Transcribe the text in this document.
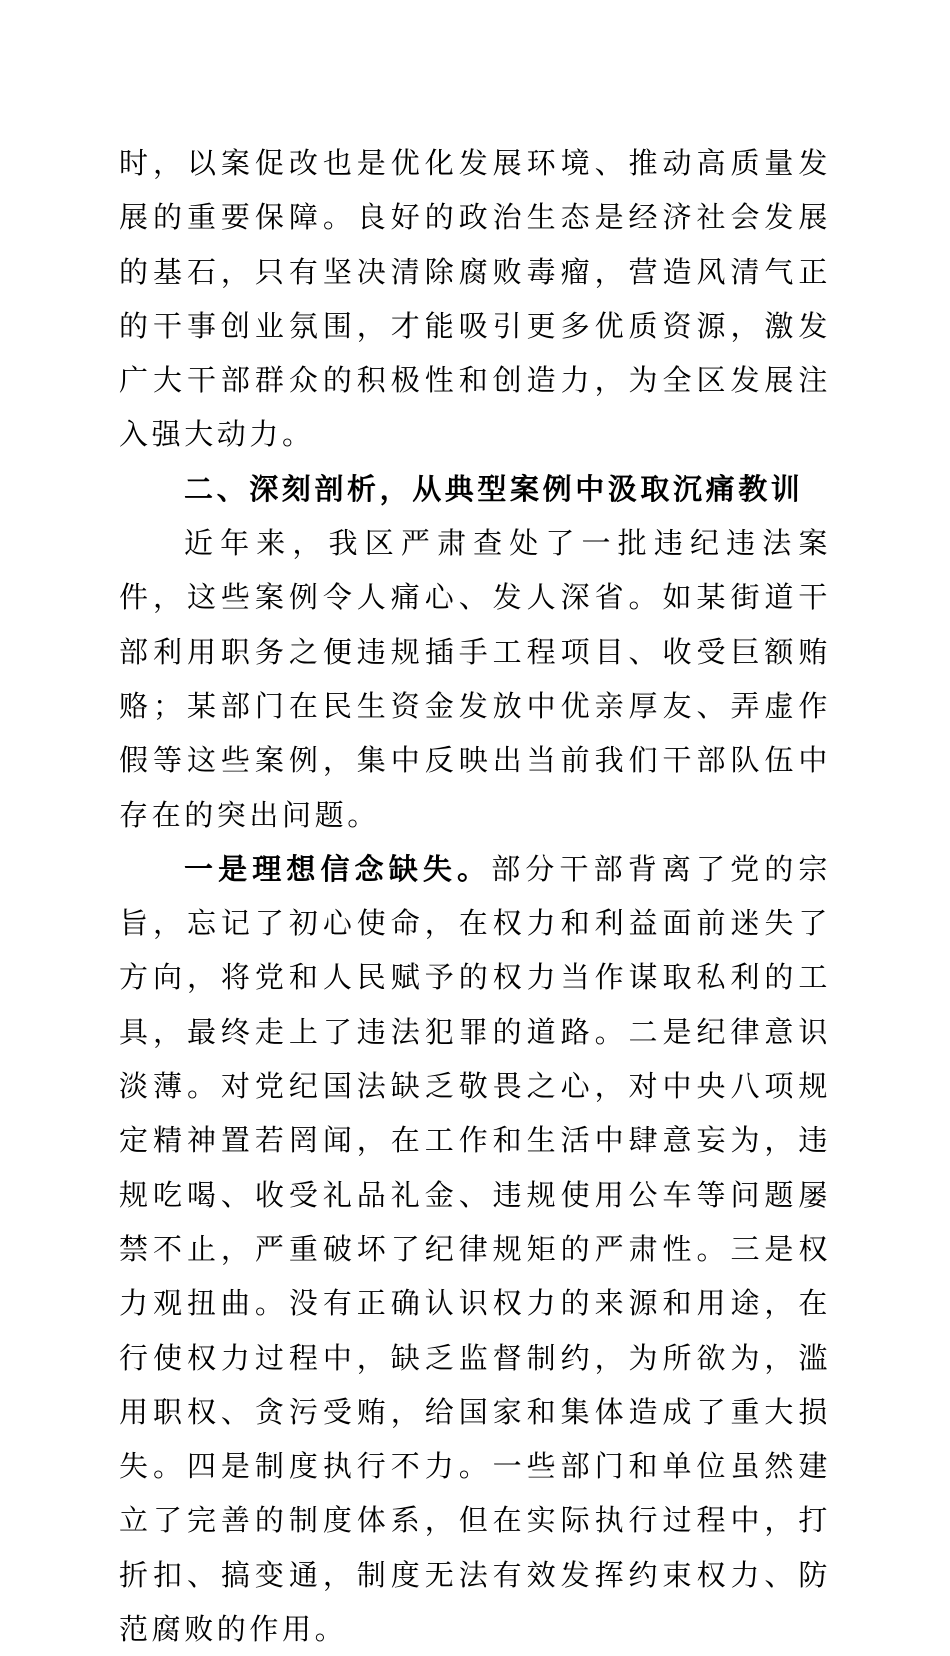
时，以案促改也是优化发展环境、推动高质量发展的重要保障。良好的政治生态是经济社会发展的基石，只有坚决清除腐败毒瘤，营造风清气正的干事创业氛围，才能吸引更多优质资源，激发广大干部群众的积极性和创造力，为全区发展注入强大动力。

二、深刻剖析，从典型案例中汲取沉痛教训

近年来，我区严肃查处了一批违纪违法案件，这些案例令人痛心、发人深省。如某街道干部利用职务之便违规插手工程项目、收受巨额贿赂；某部门在民生资金发放中优亲厚友、弄虚作假等这些案例，集中反映出当前我们干部队伍中存在的突出问题。

一是理想信念缺失。部分干部背离了党的宗旨，忘记了初心使命，在权力和利益面前迷失了方向，将党和人民赋予的权力当作谋取私利的工具，最终走上了违法犯罪的道路。二是纪律意识淡薄。对党纪国法缺乏敬畏之心，对中央八项规定精神置若罔闻，在工作和生活中肆意妄为，违规吃喝、收受礼品礼金、违规使用公车等问题屡禁不止，严重破坏了纪律规矩的严肃性。三是权力观扭曲。没有正确认识权力的来源和用途，在行使权力过程中，缺乏监督制约，为所欲为，滥用职权、贪污受贿，给国家和集体造成了重大损失。四是制度执行不力。一些部门和单位虽然建立了完善的制度体系，但在实际执行过程中，打折扣、搞变通，制度无法有效发挥约束权力、防范腐败的作用。
